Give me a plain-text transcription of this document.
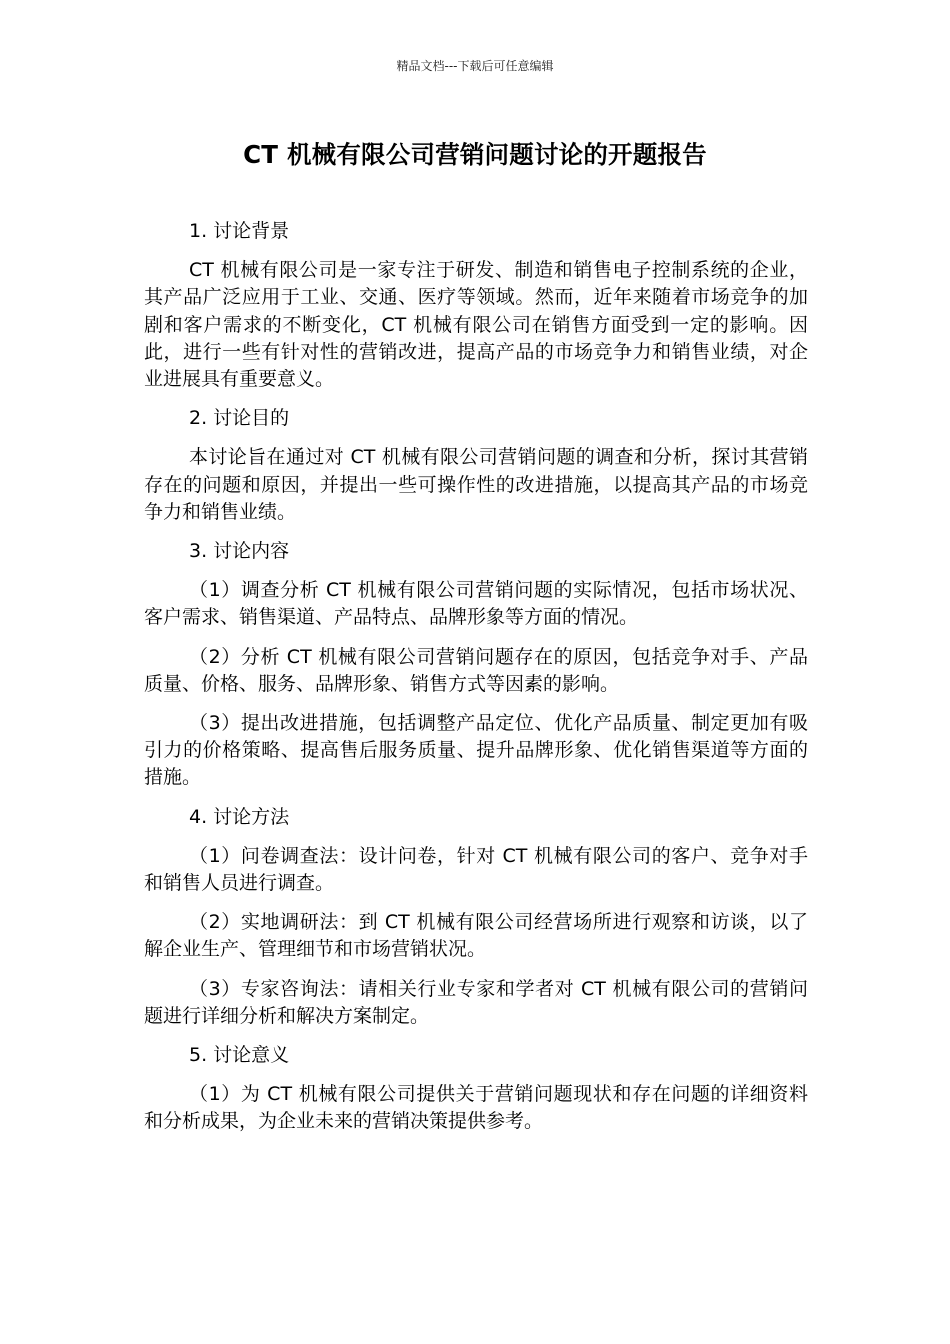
精品文档---下载后可任意编辑
CT 机械有限公司营销问题讨论的开题报告

1. 讨论背景

CT 机械有限公司是一家专注于研发、制造和销售电子控制系统的企业，其产品广泛应用于工业、交通、医疗等领域。然而，近年来随着市场竞争的加剧和客户需求的不断变化，CT 机械有限公司在销售方面受到一定的影响。因此，进行一些有针对性的营销改进，提高产品的市场竞争力和销售业绩，对企业进展具有重要意义。

2. 讨论目的

本讨论旨在通过对 CT 机械有限公司营销问题的调查和分析，探讨其营销存在的问题和原因，并提出一些可操作性的改进措施，以提高其产品的市场竞争力和销售业绩。

3. 讨论内容

（1）调查分析 CT 机械有限公司营销问题的实际情况，包括市场状况、客户需求、销售渠道、产品特点、品牌形象等方面的情况。

（2）分析 CT 机械有限公司营销问题存在的原因，包括竞争对手、产品质量、价格、服务、品牌形象、销售方式等因素的影响。

（3）提出改进措施，包括调整产品定位、优化产品质量、制定更加有吸引力的价格策略、提高售后服务质量、提升品牌形象、优化销售渠道等方面的措施。

4. 讨论方法

（1）问卷调查法：设计问卷，针对 CT 机械有限公司的客户、竞争对手和销售人员进行调查。

（2）实地调研法：到 CT 机械有限公司经营场所进行观察和访谈，以了解企业生产、管理细节和市场营销状况。

（3）专家咨询法：请相关行业专家和学者对 CT 机械有限公司的营销问题进行详细分析和解决方案制定。

5. 讨论意义

（1）为 CT 机械有限公司提供关于营销问题现状和存在问题的详细资料和分析成果，为企业未来的营销决策提供参考。
